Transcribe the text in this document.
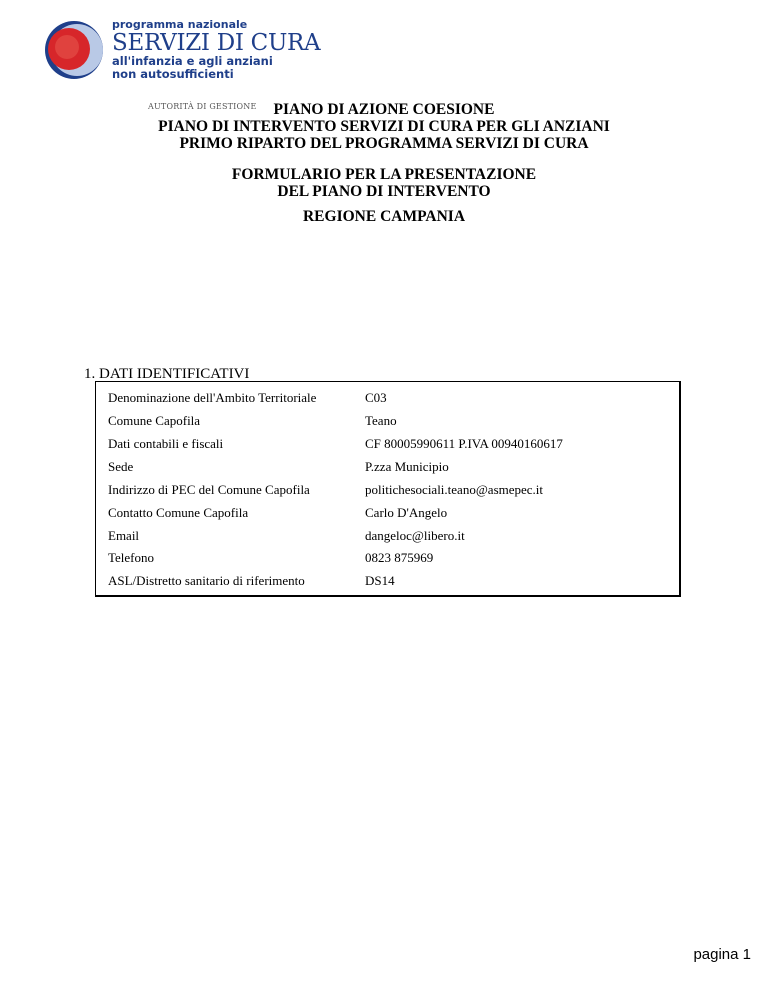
programma nazionale
SERVIZI DI CURA
all'infanzia e agli anziani
non autosufficienti
AUTORITÀ DI GESTIONE	PIANO DI AZIONE COESIONE
PIANO DI INTERVENTO SERVIZI DI CURA PER GLI ANZIANI
PRIMO RIPARTO DEL PROGRAMMA SERVIZI DI CURA
FORMULARIO PER LA PRESENTAZIONE
DEL PIANO DI INTERVENTO
REGIONE CAMPANIA
1. DATI IDENTIFICATIVI
Denominazione dell'Ambito Territoriale	C03
Comune Capofila	Teano
Dati contabili e fiscali	CF 80005990611 P.IVA 00940160617
Sede	P.zza Municipio
Indirizzo di PEC del Comune Capofila	politichesociali.teano@asmepec.it
Contatto Comune Capofila	Carlo D'Angelo
Email	dangeloc@libero.it
Telefono	0823 875969
ASL/Distretto sanitario di riferimento	DS14
pagina 1
